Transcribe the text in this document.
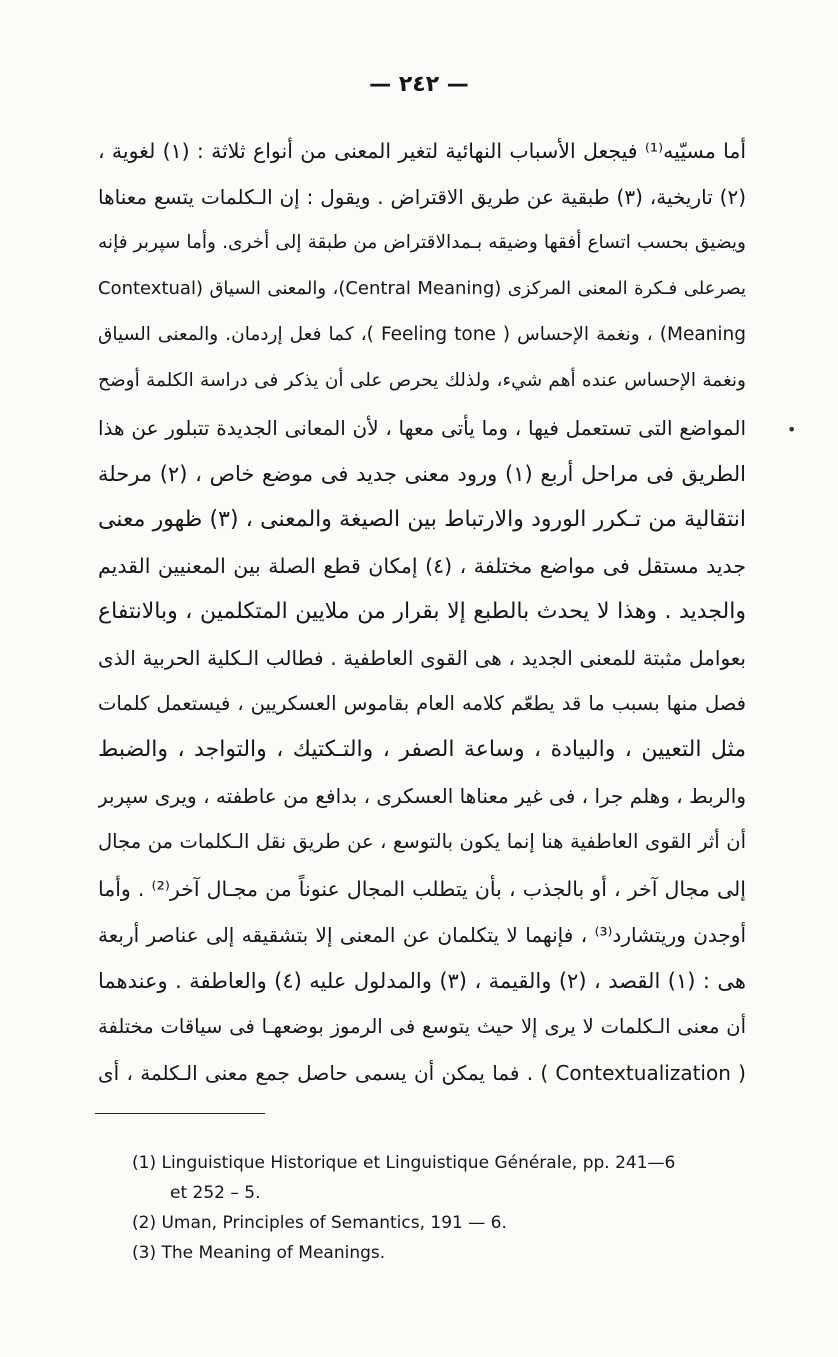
— ٢٤٢ —
أما مسيّيه⁽¹⁾ فيجعل الأسباب النهائية لتغير المعنى من أنواع ثلاثة : (١) لغوية ،
(٢) تاريخية، (٣) طبقية عن طريق الاقتراض . ويقول : إن الـكلمات يتسع معناها
ويضيق بحسب اتساع أفقها وضيقه بـ‍مدالاقتراض من طبقة إلى أخرى. وأما سپربر فإنه
يصرعلى فـكرة المعنى المركزى (Central Meaning)، والمعنى السياق (Contextual
Meaning) ، ونغمة الإحساس ( Feeling tone )، كما فعل إردمان. والمعنى السياق
ونغمة الإحساس عنده أهم شيء، ولذلك يحرص على أن يذكر فى دراسة الكلمة أوضح
المواضع التى تستعمل فيها ، وما يأتى معها ، لأن المعانى الجديدة تتبلور عن هذا
الطريق فى مراحل أربع (١) ورود معنى جديد فى موضع خاص ، (٢) مرحلة
انتقالية من تـكرر الورود والارتباط بين الصيغة والمعنى ، (٣) ظهور معنى
جديد مستقل فى مواضع مختلفة ، (٤) إمكان قطع الصلة بين المعنيين القديم
والجديد . وهذا لا يحدث بالطبع إلا بقرار من ملايين المتكلمين ، وبالانتفاع
بعوامل مثبتة للمعنى الجديد ، هى القوى العاطفية . فطالب الـكلية الحربية الذى
فصل منها بسبب ما قد يطعّم كلامه العام بقاموس العسكريين ، فيستعمل كلمات
مثل التعيين ، والبيادة ، وساعة الصفر ، والتـكتيك ، والتواجد ، والضبط
والربط ، وهلم جرا ، فى غير معناها العسكرى ، بدافع من عاطفته ، ويرى سپربر
أن أثر القوى العاطفية هنا إنما يكون بالتوسع ، عن طريق نقل الـكلمات من مجال
إلى مجال آخر ، أو بالجذب ، بأن يتطلب المجال عنوناً من مجـال آخر⁽²⁾ . وأما
أوجدن وريتشارد⁽³⁾ ، فإنهما لا يتكلمان عن المعنى إلا بتشقيقه إلى عناصر أربعة
هى : (١) القصد ، (٢) والقيمة ، (٣) والمدلول عليه (٤) والعاطفة . وعندهما
أن معنى الـكلمات لا يرى إلا حيث يتوسع فى الرموز بوضعهـا فى سياقات مختلفة
( Contextualization ) . فما يمكن أن يسمى حاصل جمع معنى الـكلمة ، أى
•
(1) Linguistique Historique et Linguistique Générale, pp. 241—6
et 252 – 5.
(2) Uman, Principles of Semantics, 191 — 6.
(3) The Meaning of Meanings.
